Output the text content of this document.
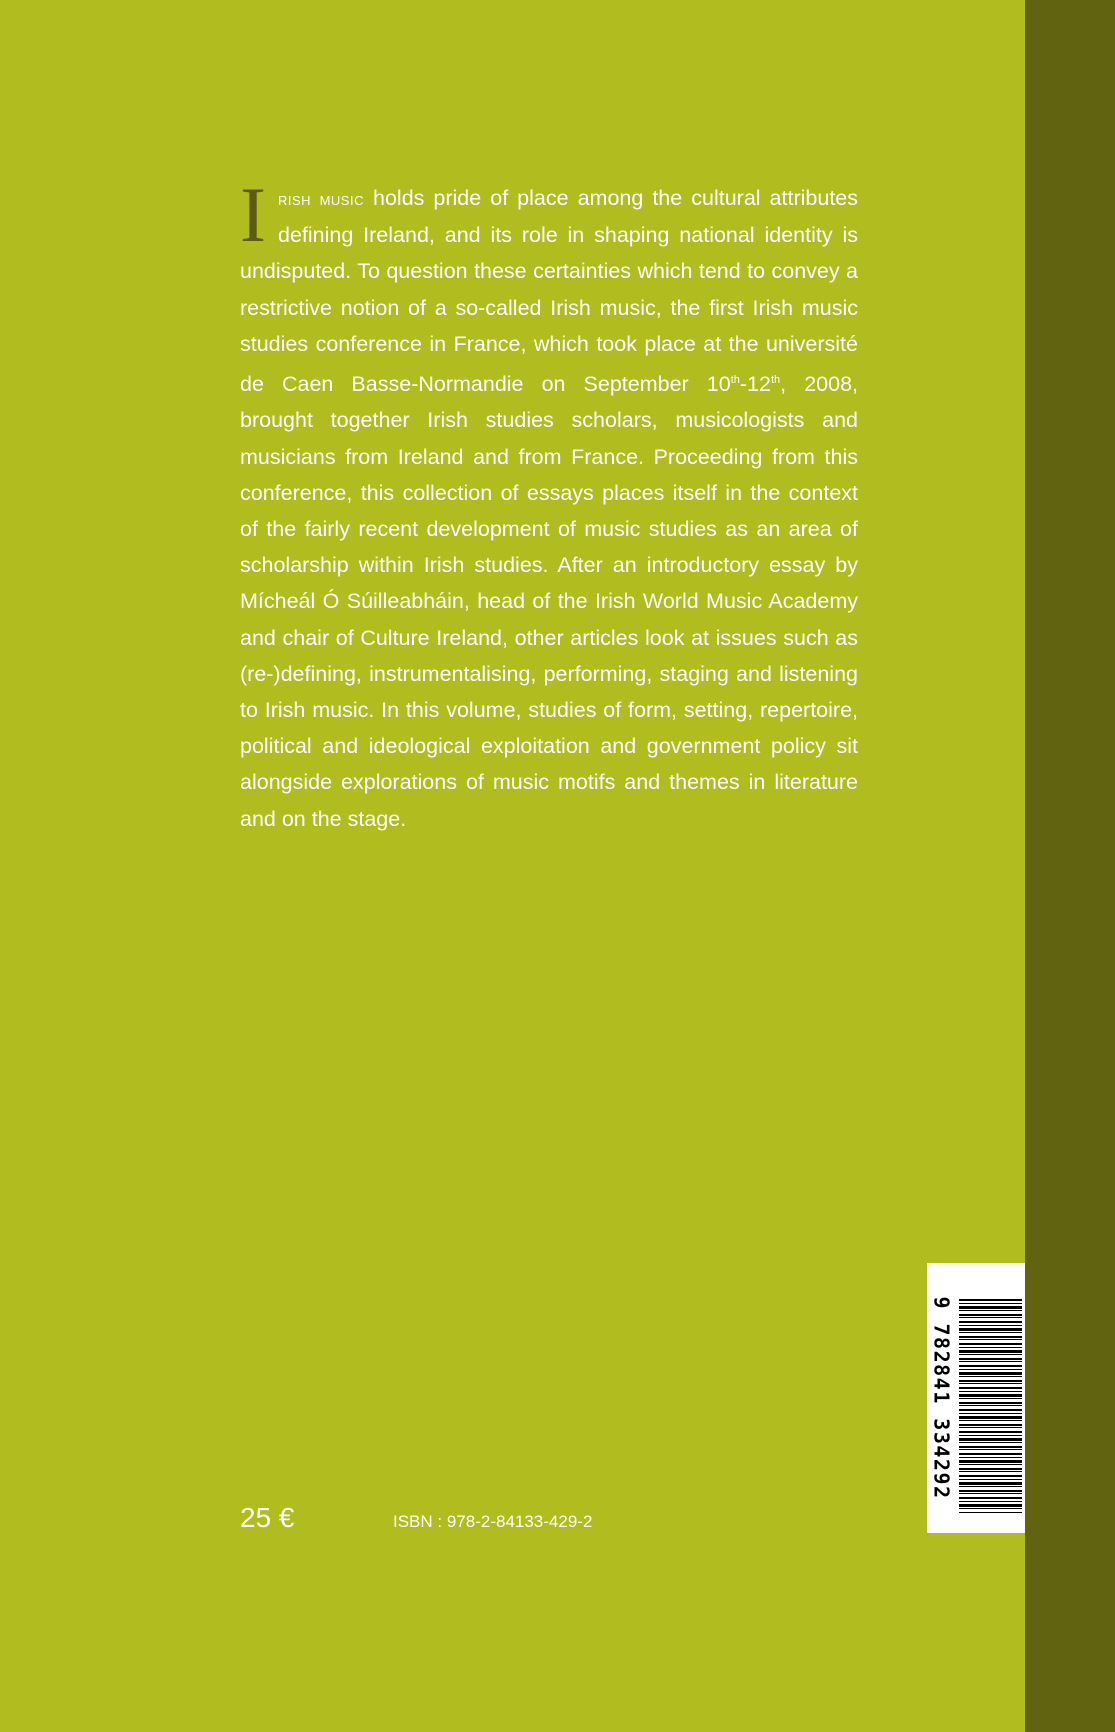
Irish music holds pride of place among the cultural attributes defining Ireland, and its role in shaping national identity is undisputed. To question these certainties which tend to convey a restrictive notion of a so-called Irish music, the first Irish music studies conference in France, which took place at the université de Caen Basse-Normandie on September 10th-12th, 2008, brought together Irish studies scholars, musicologists and musicians from Ireland and from France. Proceeding from this conference, this collection of essays places itself in the context of the fairly recent development of music studies as an area of scholarship within Irish studies. After an introductory essay by Mícheál Ó Súilleabháin, head of the Irish World Music Academy and chair of Culture Ireland, other articles look at issues such as (re-)defining, instrumentalising, performing, staging and listening to Irish music. In this volume, studies of form, setting, repertoire, political and ideological exploitation and government policy sit alongside explorations of music motifs and themes in literature and on the stage.

25 €	ISBN : 978-2-84133-429-2
9 782841 334292
